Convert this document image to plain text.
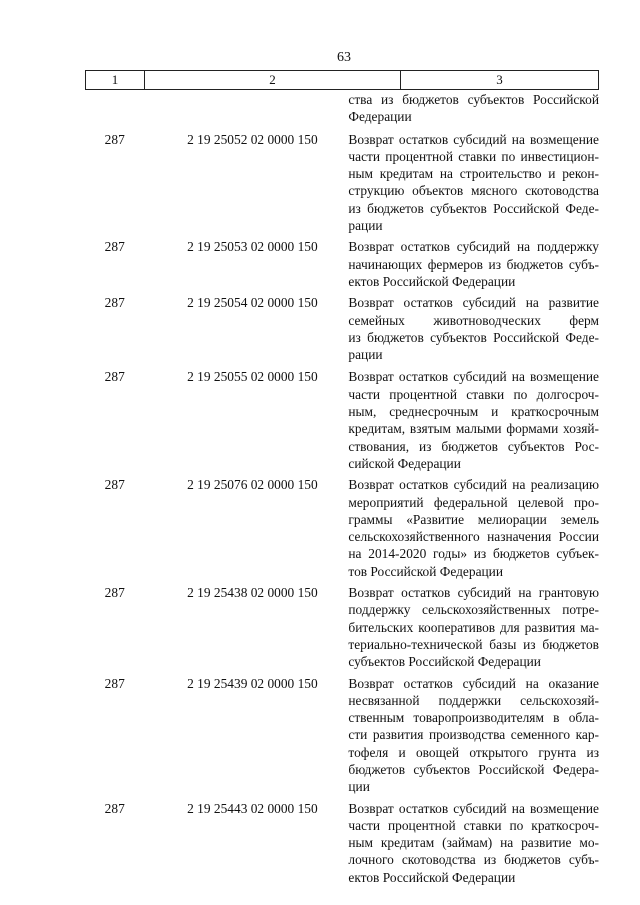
63
1	2	3
ства из бюджетов субъектов Российской
Федерации
287	2 19 25052 02 0000 150	Возврат остатков субсидий на возмещение
части процентной ставки по инвестицион-
ным кредитам на строительство и рекон-
струкцию объектов мясного скотоводства
из бюджетов субъектов Российской Феде-
рации
287	2 19 25053 02 0000 150	Возврат остатков субсидий на поддержку
начинающих фермеров из бюджетов субъ-
ектов Российской Федерации
287	2 19 25054 02 0000 150	Возврат остатков субсидий на развитие
семейных животноводческих ферм
из бюджетов субъектов Российской Феде-
рации
287	2 19 25055 02 0000 150	Возврат остатков субсидий на возмещение
части процентной ставки по долгосроч-
ным, среднесрочным и краткосрочным
кредитам, взятым малыми формами хозяй-
ствования, из бюджетов субъектов Рос-
сийской Федерации
287	2 19 25076 02 0000 150	Возврат остатков субсидий на реализацию
мероприятий федеральной целевой про-
граммы «Развитие мелиорации земель
сельскохозяйственного назначения России
на 2014-2020 годы» из бюджетов субъек-
тов Российской Федерации
287	2 19 25438 02 0000 150	Возврат остатков субсидий на грантовую
поддержку сельскохозяйственных потре-
бительских кооперативов для развития ма-
териально-технической базы из бюджетов
субъектов Российской Федерации
287	2 19 25439 02 0000 150	Возврат остатков субсидий на оказание
несвязанной поддержки сельскохозяй-
ственным товаропроизводителям в обла-
сти развития производства семенного кар-
тофеля и овощей открытого грунта из
бюджетов субъектов Российской Федера-
ции
287	2 19 25443 02 0000 150	Возврат остатков субсидий на возмещение
части процентной ставки по краткосроч-
ным кредитам (займам) на развитие мо-
лочного скотоводства из бюджетов субъ-
ектов Российской Федерации
